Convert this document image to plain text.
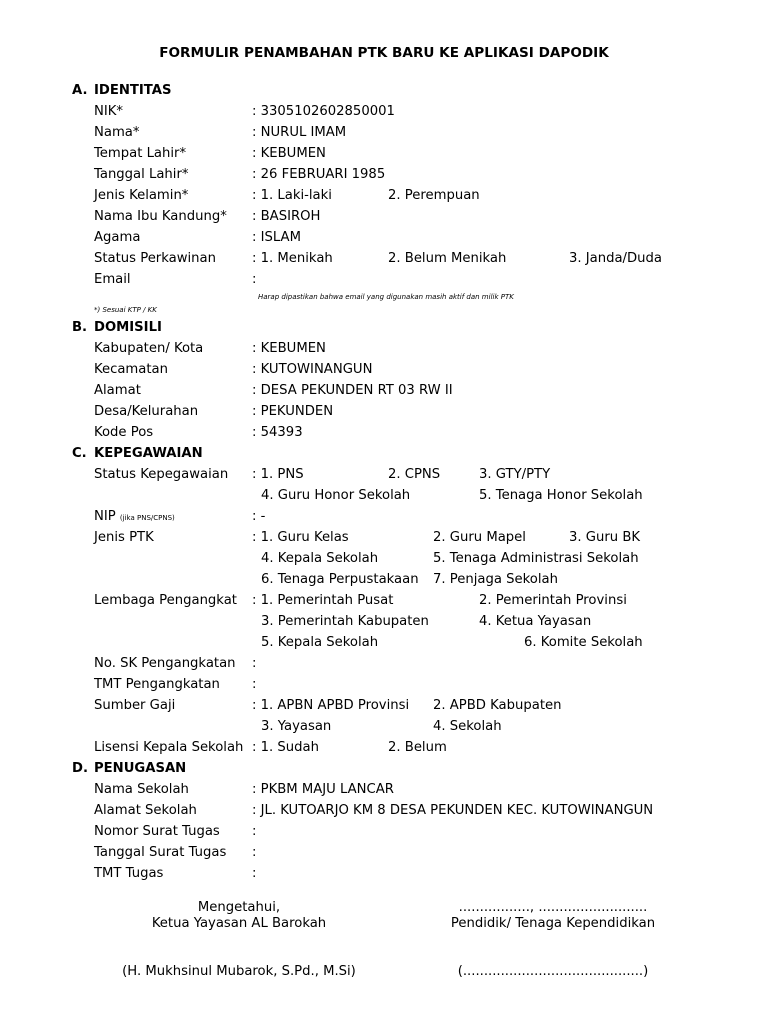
FORMULIR PENAMBAHAN PTK BARU KE APLIKASI DAPODIK
A. IDENTITAS
NIK*	: 3305102602850001
Nama*	: NURUL IMAM
Tempat Lahir*	: KEBUMEN
Tanggal Lahir*	: 26 FEBRUARI 1985
Jenis Kelamin*	: 1. Laki-laki	2. Perempuan
Nama Ibu Kandung* : BASIROH
Agama	: ISLAM
Status Perkawinan	: 1. Menikah	2. Belum Menikah	3. Janda/Duda
Email	:
Harap dipastikan bahwa email yang digunakan masih aktif dan milik PTK
*) Sesuai KTP / KK
B. DOMISILI
Kabupaten/ Kota	: KEBUMEN
Kecamatan	: KUTOWINANGUN
Alamat	: DESA PEKUNDEN RT 03 RW II
Desa/Kelurahan	: PEKUNDEN
Kode Pos	: 54393
C. KEPEGAWAIAN
Status Kepegawaian : 1. PNS	2. CPNS	3. GTY/PTY
4. Guru Honor Sekolah	5. Tenaga Honor Sekolah
NIP (jika PNS/CPNS)	: -
Jenis PTK	: 1. Guru Kelas	2. Guru Mapel	3. Guru BK
4. Kepala Sekolah	5. Tenaga Administrasi Sekolah
6. Tenaga Perpustakaan 7. Penjaga Sekolah
Lembaga Pengangkat : 1. Pemerintah Pusat	2. Pemerintah Provinsi
3. Pemerintah Kabupaten	4. Ketua Yayasan
5. Kepala Sekolah	6. Komite Sekolah
No. SK Pengangkatan :
TMT Pengangkatan :
Sumber Gaji	: 1. APBN APBD Provinsi 2. APBD Kabupaten
3. Yayasan	4. Sekolah
Lisensi Kepala Sekolah : 1. Sudah	2. Belum
D. PENUGASAN
Nama Sekolah	: PKBM MAJU LANCAR
Alamat Sekolah	: JL. KUTOARJO KM 8 DESA PEKUNDEN KEC. KUTOWINANGUN
Nomor Surat Tugas :
Tanggal Surat Tugas :
TMT Tugas	:
Mengetahui,
Ketua Yayasan AL Barokah
(H. Mukhsinul Mubarok, S.Pd., M.Si)
................., ..........................
Pendidik/ Tenaga Kependidikan
(...........................................)
